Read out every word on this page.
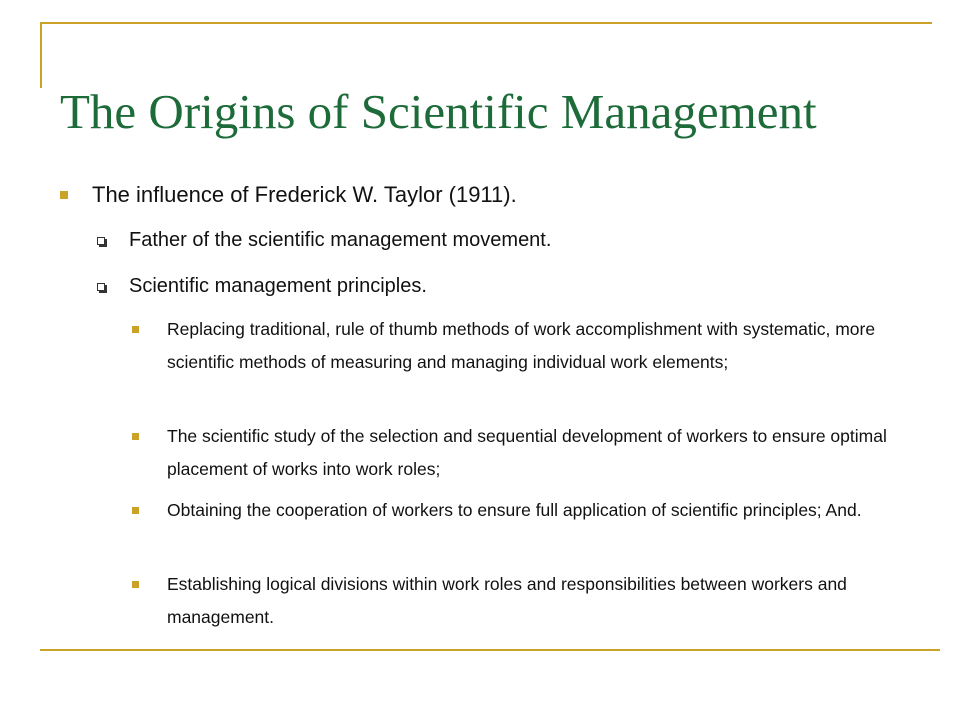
The Origins of Scientific Management
The influence of Frederick W. Taylor (1911).
Father of the scientific management movement.
Scientific management principles.
Replacing traditional, rule of thumb methods of work accomplishment with systematic, more scientific methods of measuring and managing individual work elements;
The scientific study of the selection and sequential development of workers to ensure optimal placement of works into work roles;
Obtaining the cooperation of workers to ensure full application of scientific principles; And.
Establishing logical divisions within work roles and responsibilities between workers and management.
